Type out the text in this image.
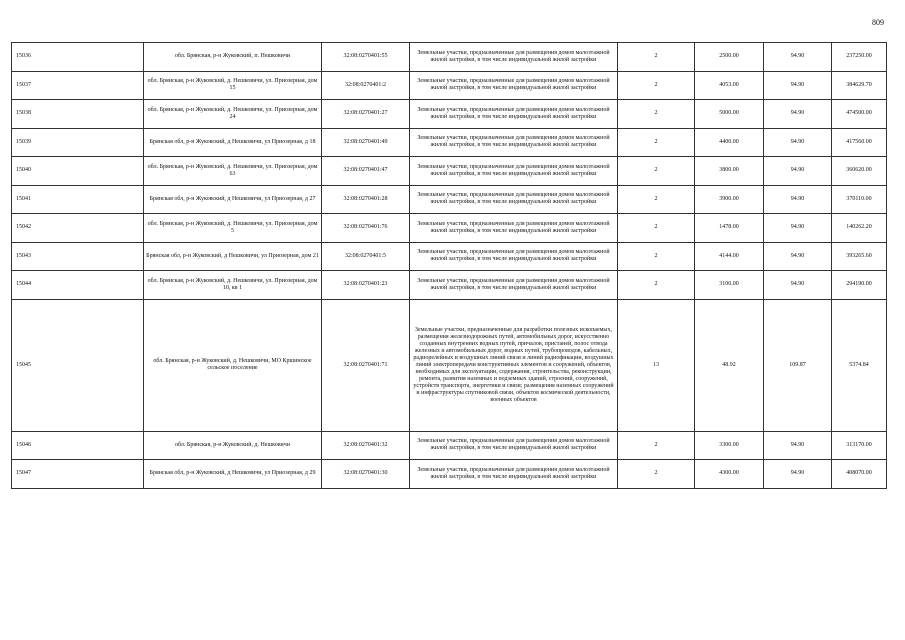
809
15036	обл. Брянская, р-н Жуковский, п. Нешковичи	32:08:0270401:55	Земельные участки, предназначенные для размещения домов малоэтажной жилой застройки, в том числе индивидуальной жилой застройки	2	2500.00	94.90	237250.00
15037	обл. Брянская, р-н Жуковский, д. Нешковичи, ул. Приозерная, дом 15	32:08:0270401:2	Земельные участки, предназначенные для размещения домов малоэтажной жилой застройки, в том числе индивидуальной жилой застройки	2	4053.00	94.90	384629.70
15038	обл. Брянская, р-н Жуковский, д. Нешковичи, ул. Приозерная, дом 24	32:08:0270401:27	Земельные участки, предназначенные для размещения домов малоэтажной жилой застройки, в том числе индивидуальной жилой застройки	2	5000.00	94.90	474500.00
15039	Брянская обл, р-н Жуковский, д Нешковичи, ул Приозерная, д 18	32:08:0270401:49	Земельные участки, предназначенные для размещения домов малоэтажной жилой застройки, в том числе индивидуальной жилой застройки	2	4400.00	94.90	417560.00
15040	обл. Брянская, р-н Жуковский, д. Нешковичи, ул. Приозерная, дом 63	32:08:0270401:47	Земельные участки, предназначенные для размещения домов малоэтажной жилой застройки, в том числе индивидуальной жилой застройки	2	3800.00	94.90	360620.00
15041	Брянская обл, р-н Жуковский, д Нешковичи, ул Приозерная, д 27	32:08:0270401:28	Земельные участки, предназначенные для размещения домов малоэтажной жилой застройки, в том числе индивидуальной жилой застройки	2	3900.00	94.90	370110.00
15042	обл. Брянская, р-н Жуковский, д. Нешковичи, ул. Приозерная, дом 5	32:08:0270401:76	Земельные участки, предназначенные для размещения домов малоэтажной жилой застройки, в том числе индивидуальной жилой застройки	2	1478.00	94.90	140262.20
15043	Брянская обл, р-н Жуковский, д Нешковичи, ул Приозерная, дом 21	32:08:0270401:5	Земельные участки, предназначенные для размещения домов малоэтажной жилой застройки, в том числе индивидуальной жилой застройки	2	4144.00	94.90	393265.60
15044	обл. Брянская, р-н Жуковский, д. Нешковичи, ул. Приозерная, дом 10, кв 1	32:08:0270401:23	Земельные участки, предназначенные для размещения домов малоэтажной жилой застройки, в том числе индивидуальной жилой застройки	2	3100.00	94.90	294190.00
15045	обл. Брянская, р-н Жуковский, д. Нешковичи, МО Кршинское сельское поселение	32:08:0270401:71	Земельные участки, предназначенные для разработки полезных ископаемых, размещения железнодорожных путей, автомобильных дорог, искусственно созданных внутренних водных путей, причалов, пристаней, полос отвода железных и автомобильных дорог, водных путей, трубопроводов, кабельных, радиорелейных и воздушных линий связи и линий радиофикации, воздушных линий электропередачи конструктивных элементов и сооружений, объектов, необходимых для эксплуатации, содержания, строительства, реконструкции, ремонта, развития наземных и подземных зданий, строений, сооружений, устройств транспорта, энергетики и связи; размещения наземных сооружений и инфраструктуры спутниковой связи, объектов космической деятельности, военных объектов	13	48.92	109.87	5374.84
15046	обл. Брянская, р-н Жуковский, д. Нешковичи	32:08:0270401:32	Земельные участки, предназначенные для размещения домов малоэтажной жилой застройки, в том числе индивидуальной жилой застройки	2	3300.00	94.90	313170.00
15047	Брянская обл, р-н Жуковский, д Нешковичи, ул Приозерная, д 29	32:08:0270401:30	Земельные участки, предназначенные для размещения домов малоэтажной жилой застройки, в том числе индивидуальной жилой застройки	2	4300.00	94.90	408070.00
